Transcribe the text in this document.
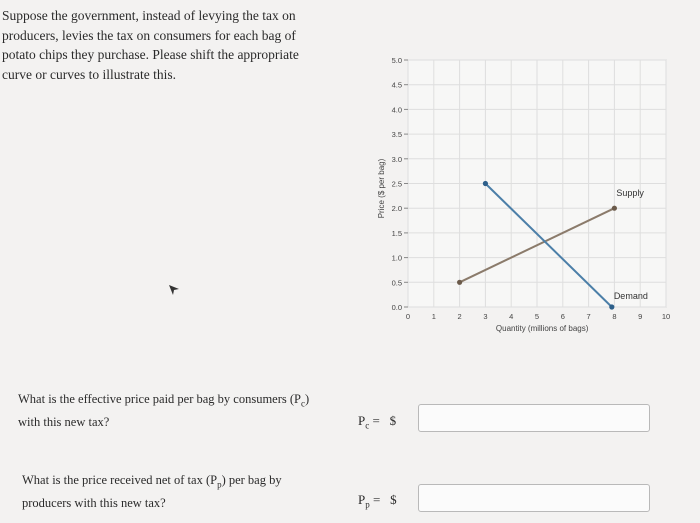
Suppose the government, instead of levying the tax on producers, levies the tax on consumers for each bag of potato chips they purchase. Please shift the appropriate curve or curves to illustrate this.
0.0
0.5
1.0
1.5
2.0
2.5
3.0
3.5
4.0
4.5
5.0
0	1	2	3	4	5	6	7	8	9	10
Quantity (millions of bags)
Price ($ per bag)	Supply
Demand
What is the effective price paid per bag by consumers $(P_c)$
with this new tax?	$P_c$ =   $
What is the price received net of tax $(P_p)$ per bag by
producers with this new tax?	$P_p$ =   $
